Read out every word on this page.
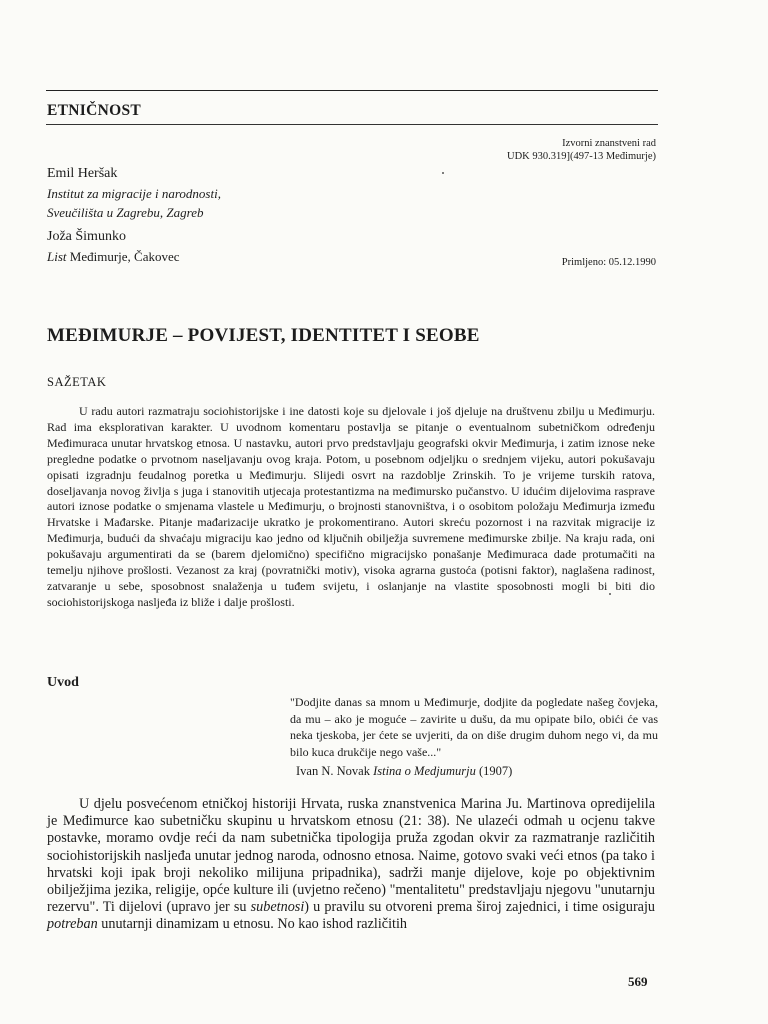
ETNIČNOST
Izvorni znanstveni rad
UDK 930.319](497-13 Međimurje)
Emil Heršak
Institut za migracije i narodnosti,
Sveučilišta u Zagrebu, Zagreb
Joža Šimunko
List Međimurje, Čakovec	Primljeno: 05.12.1990
MEĐIMURJE – POVIJEST, IDENTITET I SEOBE
SAŽETAK

U radu autori razmatraju sociohistorijske i ine datosti koje su djelovale i još djeluje na društvenu zbilju u Međimurju. Rad ima eksplorativan karakter. U uvodnom komentaru postavlja se pitanje o eventualnom subetničkom određenju Međimuraca unutar hrvatskog etnosa. U nastavku, autori prvo predstavljaju geografski okvir Međimurja, i zatim iznose neke pregledne podatke o prvotnom naseljavanju ovog kraja. Potom, u posebnom odjeljku o srednjem vijeku, autori pokušavaju opisati izgradnju feudalnog poretka u Međimurju. Slijedi osvrt na razdoblje Zrinskih. To je vrijeme turskih ratova, doseljavanja novog življa s juga i stanovitih utjecaja protestantizma na međimursko pučanstvo. U idućim dijelovima rasprave autori iznose podatke o smjenama vlastele u Međimurju, o brojnosti stanovništva, i o osobitom položaju Međimurja između Hrvatske i Mađarske. Pitanje mađarizacije ukratko je prokomentirano. Autori skreću pozornost i na razvitak migracije iz Međimurja, budući da shvaćaju migraciju kao jedno od ključnih obilježja suvremene međimurske zbilje. Na kraju rada, oni pokušavaju argumentirati da se (barem djelomično) specifično migracijsko ponašanje Međimuraca dade protumačiti na temelju njihove prošlosti. Vezanost za kraj (povratnički motiv), visoka agrarna gustoća (potisni faktor), naglašena radinost, zatvaranje u sebe, sposobnost snalaženja u tuđem svijetu, i oslanjanje na vlastite sposobnosti mogli bi biti dio sociohistorijskoga nasljeđa iz bliže i dalje prošlosti.

Uvod

"Dodjite danas sa mnom u Međimurje, dodjite da pogledate našeg čovjeka, da mu – ako je moguće – zavirite u dušu, da mu opipate bilo, obići će vas neka tjeskoba, jer ćete se uvjeriti, da on diše drugim duhom nego vi, da mu bilo kuca drukčije nego vaše..."

Ivan N. Novak Istina o Medjumurju (1907)

U djelu posvećenom etničkoj historiji Hrvata, ruska znanstvenica Marina Ju. Martinova opredijelila je Međimurce kao subetničku skupinu u hrvatskom etnosu (21: 38). Ne ulazeći odmah u ocjenu takve postavke, moramo ovdje reći da nam subetnička tipologija pruža zgodan okvir za razmatranje različitih sociohistorijskih nasljeđa unutar jednog naroda, odnosno etnosa. Naime, gotovo svaki veći etnos (pa tako i hrvatski koji ipak broji nekoliko milijuna pripadnika), sadrži manje dijelove, koje po objektivnim obilježjima jezika, religije, opće kulture ili (uvjetno rečeno) "mentalitetu" predstavljaju njegovu "unutarnju rezervu". Ti dijelovi (upravo jer su subetnosi) u pravilu su otvoreni prema široj zajednici, i time osiguraju potreban unutarnji dinamizam u etnosu. No kao ishod različitih

569
